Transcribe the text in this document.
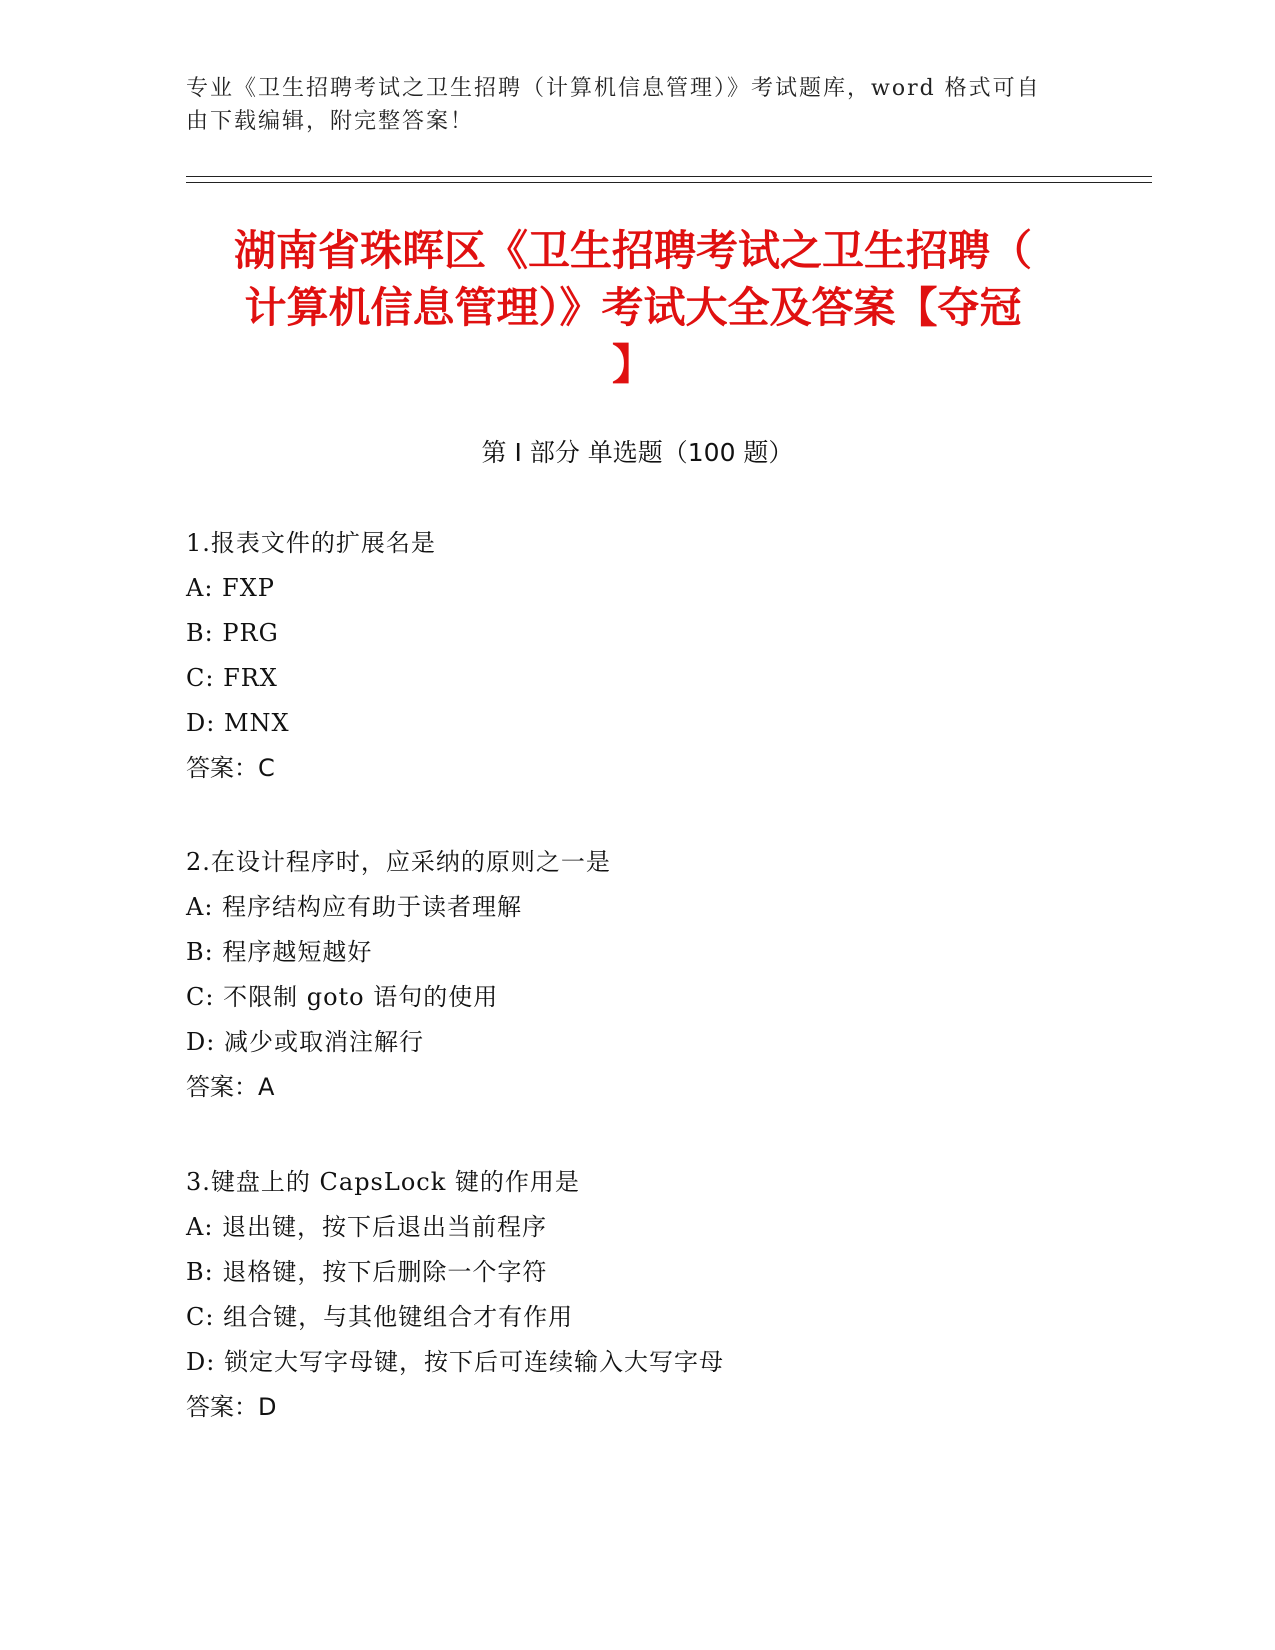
专业《卫生招聘考试之卫生招聘（计算机信息管理）》考试题库，word 格式可自
由下载编辑，附完整答案！
湖南省珠晖区《卫生招聘考试之卫生招聘（
计算机信息管理）》考试大全及答案【夺冠
】
第 I 部分 单选题（100 题）
1.报表文件的扩展名是
A: FXP
B: PRG
C: FRX
D: MNX
答案：C
2.在设计程序时，应采纳的原则之一是
A: 程序结构应有助于读者理解
B: 程序越短越好
C: 不限制 goto 语句的使用
D: 减少或取消注解行
答案：A
3.键盘上的 CapsLock 键的作用是
A: 退出键，按下后退出当前程序
B: 退格键，按下后删除一个字符
C: 组合键，与其他键组合才有作用
D: 锁定大写字母键，按下后可连续输入大写字母
答案：D
